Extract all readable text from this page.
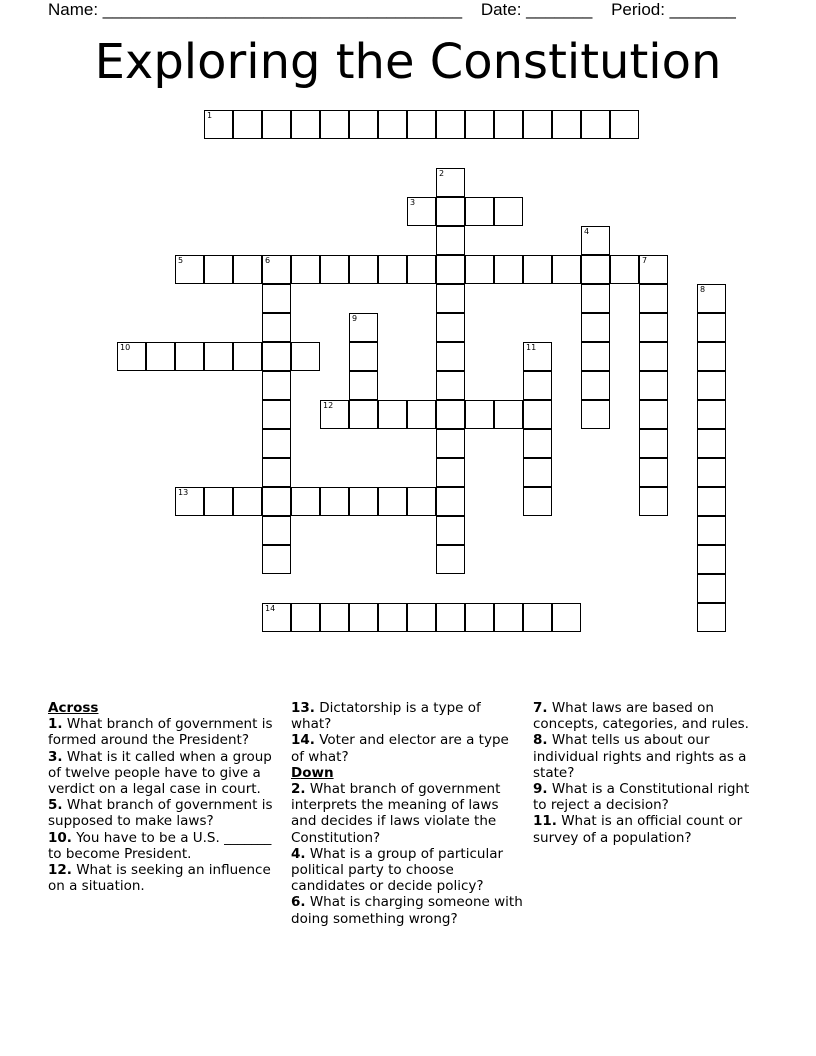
Name: ______________________________________ Date: _______ Period: _______
Exploring the Constitution
1
2
3
4
5	6	7
8
9
10	11
12
13
14
Across
1. What branch of government is formed around the President?
3. What is it called when a group of twelve people have to give a verdict on a legal case in court.
5. What branch of government is supposed to make laws?
10. You have to be a U.S. _______ to become President.
12. What is seeking an influence on a situation.
13. Dictatorship is a type of what?
14. Voter and elector are a type of what?
Down
2. What branch of government interprets the meaning of laws and decides if laws violate the Constitution?
4. What is a group of particular political party to choose candidates or decide policy?
6. What is charging someone with doing something wrong?
7. What laws are based on concepts, categories, and rules.
8. What tells us about our individual rights and rights as a state?
9. What is a Constitutional right to reject a decision?
11. What is an official count or survey of a population?
